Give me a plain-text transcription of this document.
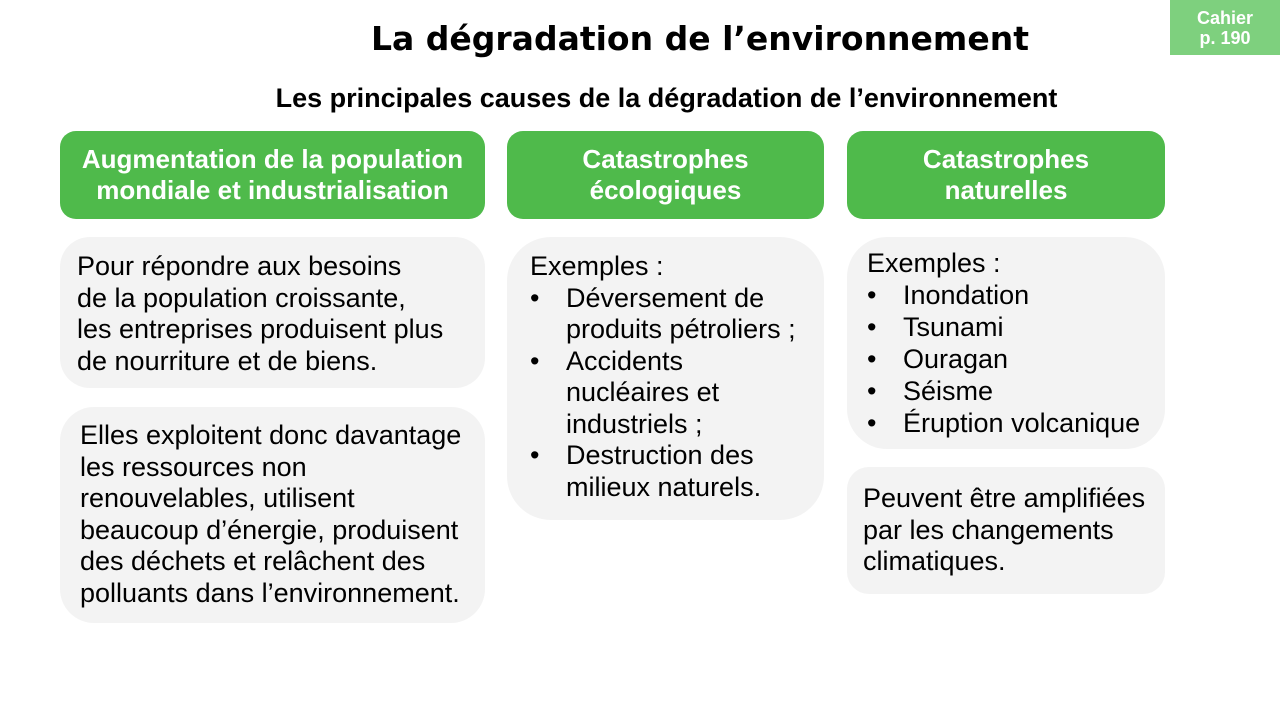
Cahier
p. 190
La dégradation de l’environnement
Les principales causes de la dégradation de l’environnement
Augmentation de la population
mondiale et industrialisation

Pour répondre aux besoins

de la population croissante,

les entreprises produisent plus

de nourriture et de biens.

Elles exploitent donc davantage

les ressources non

renouvelables, utilisent

beaucoup d’énergie, produisent

des déchets et relâchent des

polluants dans l’environnement.

Catastrophes
écologiques

Exemples :

• Déversement de
produits pétroliers ;
• Accidents
nucléaires et
industriels ;
• Destruction des
milieux naturels.
Catastrophes
naturelles

Exemples :

• Inondation
• Tsunami
• Ouragan
• Séisme
• Éruption volcanique

Peuvent être amplifiées

par les changements

climatiques.
